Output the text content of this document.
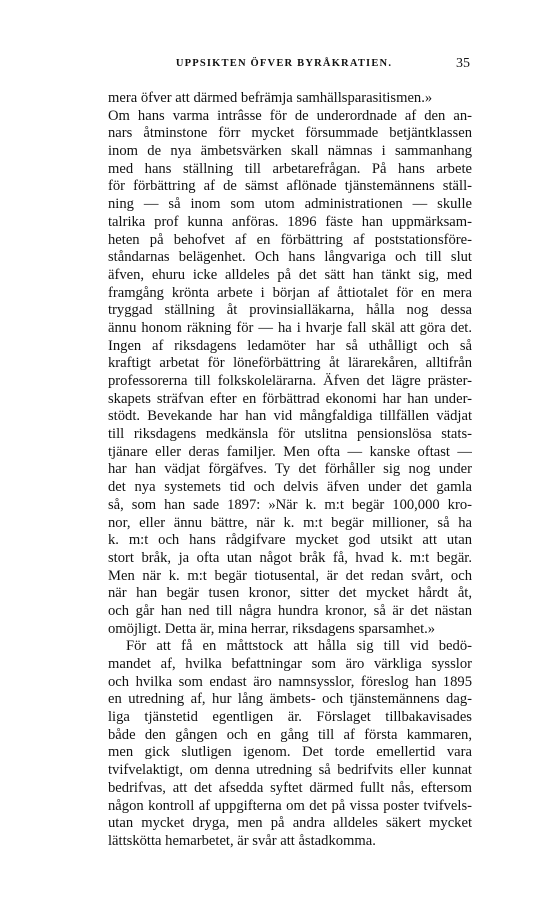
UPPSIKTEN ÖFVER BYRÅKRATIEN.	35
mera öfver att därmed befrämja samhällsparasitismen.»
Om hans varma intrâsse för de underordnade af den an-
nars åtminstone förr mycket försummade betjäntklassen
inom de nya ämbetsvärken skall nämnas i sammanhang
med hans ställning till arbetarefrågan. På hans arbete
för förbättring af de sämst aflönade tjänstemännens ställ-
ning — så inom som utom administrationen — skulle
talrika prof kunna anföras. 1896 fäste han uppmärksam-
heten på behofvet af en förbättring af poststationsföre-
ståndarnas belägenhet. Och hans långvariga och till slut
äfven, ehuru icke alldeles på det sätt han tänkt sig, med
framgång krönta arbete i början af åttiotalet för en mera
tryggad ställning åt provinsialläkarna, hålla nog dessa
ännu honom räkning för — ha i hvarje fall skäl att göra det.
Ingen af riksdagens ledamöter har så uthålligt och så
kraftigt arbetat för löneförbättring åt lärarekåren, alltifrån
professorerna till folkskolelärarna. Äfven det lägre präster-
skapets sträfvan efter en förbättrad ekonomi har han under-
stödt. Bevekande har han vid mångfaldiga tillfällen vädjat
till riksdagens medkänsla för utslitna pensionslösa stats-
tjänare eller deras familjer. Men ofta — kanske oftast —
har han vädjat förgäfves. Ty det förhåller sig nog under
det nya systemets tid och delvis äfven under det gamla
så, som han sade 1897: »När k. m:t begär 100,000 kro-
nor, eller ännu bättre, när k. m:t begär millioner, så ha
k. m:t och hans rådgifvare mycket god utsikt att utan
stort bråk, ja ofta utan något bråk få, hvad k. m:t begär.
Men när k. m:t begär tiotusental, är det redan svårt, och
när han begär tusen kronor, sitter det mycket hårdt åt,
och går han ned till några hundra kronor, så är det nästan
omöjligt. Detta är, mina herrar, riksdagens sparsamhet.»
För att få en måttstock att hålla sig till vid bedö-
mandet af, hvilka befattningar som äro värkliga sysslor
och hvilka som endast äro namnsysslor, föreslog han 1895
en utredning af, hur lång ämbets- och tjänstemännens dag-
liga tjänstetid egentligen är. Förslaget tillbakavisades
både den gången och en gång till af första kammaren,
men gick slutligen igenom. Det torde emellertid vara
tvifvelaktigt, om denna utredning så bedrifvits eller kunnat
bedrifvas, att det afsedda syftet därmed fullt nås, eftersom
någon kontroll af uppgifterna om det på vissa poster tvifvels-
utan mycket dryga, men på andra alldeles säkert mycket
lättskötta hemarbetet, är svår att åstadkomma.
